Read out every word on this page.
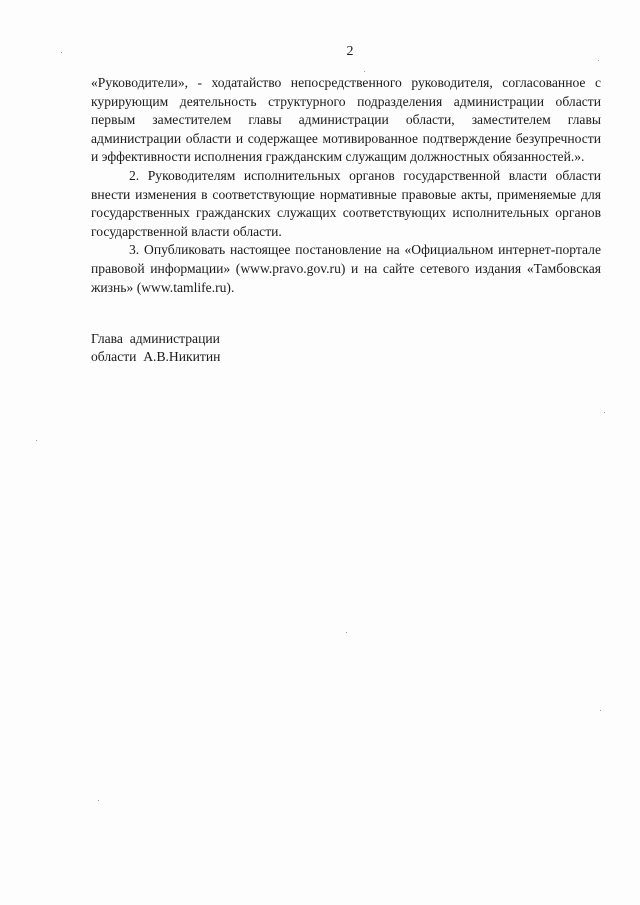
2

«Руководители», - ходатайство непосредственного руководителя, согласованное с курирующим деятельность структурного подразделения администрации области первым заместителем главы администрации области, заместителем главы администрации области и содержащее мотивированное подтверждение безупречности и эффективности исполнения гражданским служащим должностных обязанностей.».

2. Руководителям исполнительных органов государственной власти области внести изменения в соответствующие нормативные правовые акты, применяемые для государственных гражданских служащих соответствующих исполнительных органов государственной власти области.

3. Опубликовать настоящее постановление на «Официальном интернет-портале правовой информации» (www.pravo.gov.ru) и на сайте сетевого издания «Тамбовская жизнь» (www.tamlife.ru).

Глава  администрации
области  А.В.Никитин
